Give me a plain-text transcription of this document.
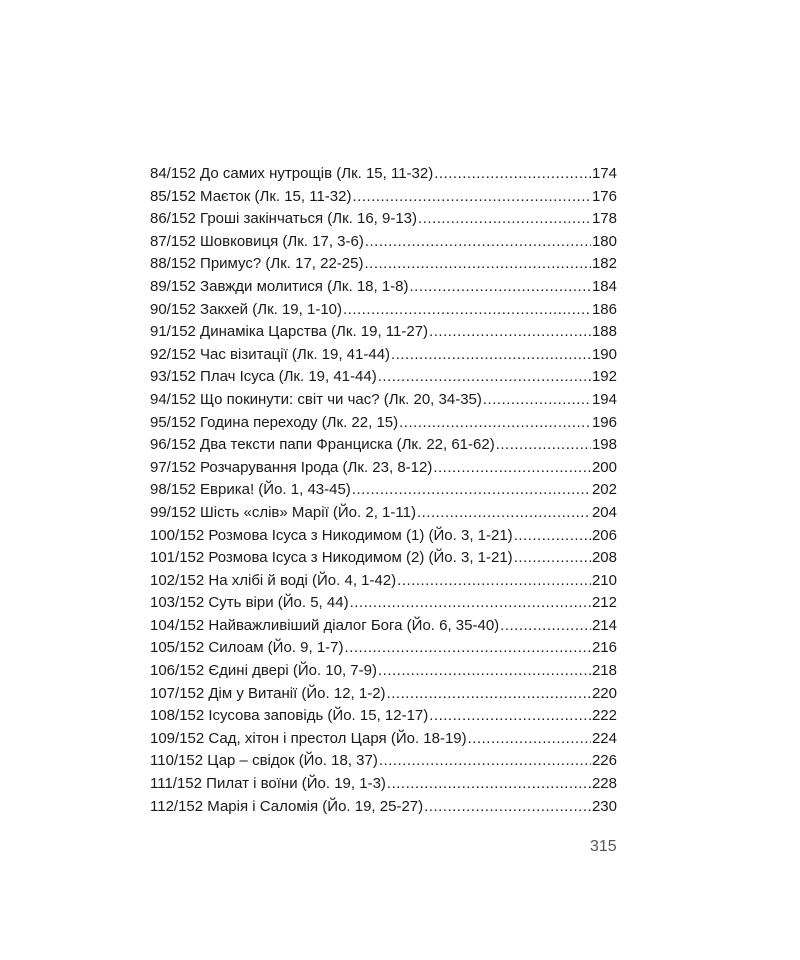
84/152 До самих нутрощів (Лк. 15, 11-32) .....	174
85/152 Маєток (Лк. 15, 11-32) .....	176
86/152 Гроші закінчаться (Лк. 16, 9-13) .....	178
87/152 Шовковиця (Лк. 17, 3-6) .....	180
88/152 Примус? (Лк. 17, 22-25) .....	182
89/152 Завжди молитися (Лк. 18, 1-8) .....	184
90/152 Закхей (Лк. 19, 1-10) .....	186
91/152 Динаміка Царства (Лк. 19, 11-27) .....	188
92/152 Час візитації (Лк. 19, 41-44) .....	190
93/152 Плач Ісуса (Лк. 19, 41-44) .....	192
94/152 Що покинути: світ чи час? (Лк. 20, 34-35) .....	194
95/152 Година переходу (Лк. 22, 15) .....	196
96/152 Два тексти папи Франциска (Лк. 22, 61-62) .....	198
97/152 Розчарування Ірода (Лк. 23, 8-12) .....	200
98/152 Еврика! (Йо. 1, 43-45) .....	202
99/152 Шість «слів» Марії (Йо. 2, 1-11) .....	204
100/152 Розмова Ісуса з Никодимом (1) (Йо. 3, 1-21) .....	206
101/152 Розмова Ісуса з Никодимом (2) (Йо. 3, 1-21) .....	208
102/152 На хлібі й воді (Йо. 4, 1-42) .....	210
103/152 Суть віри (Йо. 5, 44) .....	212
104/152 Найважливіший діалог Бога (Йо. 6, 35-40) .....	214
105/152 Силоам (Йо. 9, 1-7) .....	216
106/152 Єдині двері (Йо. 10, 7-9) .....	218
107/152 Дім у Витанії (Йо. 12, 1-2) .....	220
108/152 Ісусова заповідь (Йо. 15, 12-17) .....	222
109/152 Сад, хітон і престол Царя (Йо. 18-19) .....	224
110/152 Цар – свідок (Йо. 18, 37) .....	226
111/152 Пилат і воїни (Йо. 19, 1-3) .....	228
112/152 Марія і Саломія (Йо. 19, 25-27) .....	230
315
